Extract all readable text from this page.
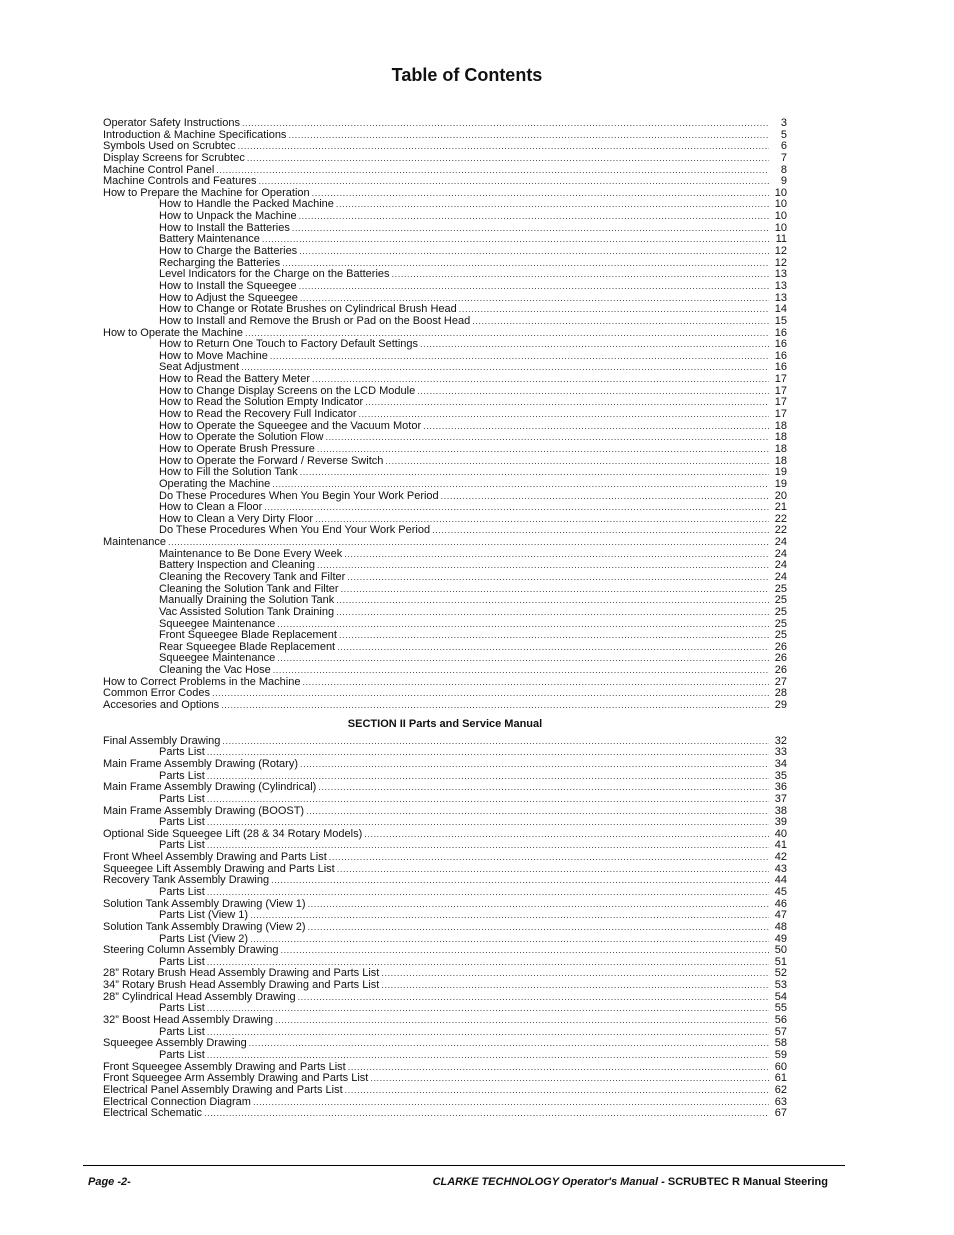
Table of Contents
Operator Safety Instructions .....	3
Introduction & Machine Specifications .....	5
Symbols Used on Scrubtec .....	6
Display Screens for Scrubtec .....	7
Machine Control Panel .....	8
Machine Controls and Features .....	9
How to Prepare the Machine for Operation .....	10
How to Handle the Packed Machine .....	10
How to Unpack the Machine .....	10
How to Install the Batteries .....	10
Battery Maintenance .....	11
How to Charge the Batteries .....	12
Recharging the Batteries .....	12
Level Indicators for the Charge on the Batteries .....	13
How to Install the Squeegee .....	13
How to Adjust the Squeegee .....	13
How to Change or Rotate Brushes on Cylindrical Brush Head .....	14
How to Install and Remove the Brush or Pad on the Boost Head .....	15
How to Operate the Machine .....	16
How to Return One Touch to Factory Default Settings .....	16
How to Move Machine .....	16
Seat Adjustment .....	16
How to Read the Battery Meter .....	17
How to Change Display Screens on the LCD Module .....	17
How to Read the Solution Empty Indicator .....	17
How to Read the Recovery Full Indicator .....	17
How to Operate the Squeegee and the Vacuum Motor .....	18
How to Operate the Solution Flow .....	18
How to Operate Brush Pressure .....	18
How to Operate the Forward / Reverse Switch .....	18
How to Fill the Solution Tank .....	19
Operating the Machine .....	19
Do These Procedures When You Begin Your Work Period .....	20
How to Clean a Floor .....	21
How to Clean a Very Dirty Floor .....	22
Do These Procedures When You End Your Work Period .....	22
Maintenance .....	24
Maintenance to Be Done Every Week .....	24
Battery Inspection and Cleaning .....	24
Cleaning the Recovery Tank and Filter .....	24
Cleaning the Solution Tank and Filter .....	25
Manually Draining the Solution Tank .....	25
Vac Assisted Solution Tank Draining .....	25
Squeegee Maintenance .....	25
Front Squeegee Blade Replacement .....	25
Rear Squeegee Blade Replacement .....	26
Squeegee Maintenance .....	26
Cleaning the Vac Hose .....	26
How to Correct Problems in the Machine .....	27
Common Error Codes .....	28
Accesories and Options .....	29
SECTION II Parts and Service Manual
Final Assembly Drawing .....	32
Parts List .....	33
Main Frame Assembly Drawing (Rotary) .....	34
Parts List .....	35
Main Frame Assembly Drawing (Cylindrical) .....	36
Parts List .....	37
Main Frame Assembly Drawing (BOOST) .....	38
Parts List .....	39
Optional Side Squeegee Lift (28 & 34 Rotary Models) .....	40
Parts List .....	41
Front Wheel Assembly Drawing and Parts List .....	42
Squeegee Lift Assembly Drawing and Parts List .....	43
Recovery Tank Assembly Drawing .....	44
Parts List .....	45
Solution Tank Assembly Drawing (View 1) .....	46
Parts List (View 1) .....	47
Solution Tank Assembly Drawing (View 2) .....	48
Parts List (View 2) .....	49
Steering Column Assembly Drawing .....	50
Parts List .....	51
28” Rotary Brush Head Assembly Drawing and Parts List .....	52
34” Rotary Brush Head Assembly Drawing and Parts List .....	53
28” Cylindrical Head Assembly Drawing .....	54
Parts List .....	55
32” Boost Head Assembly Drawing .....	56
Parts List .....	57
Squeegee Assembly Drawing .....	58
Parts List .....	59
Front Squeegee Assembly Drawing and Parts List .....	60
Front Squeegee Arm Assembly Drawing and Parts List .....	61
Electrical Panel Assembly Drawing and Parts List .....	62
Electrical Connection Diagram .....	63
Electrical Schematic .....	67
Page -2-	CLARKE TECHNOLOGY Operator's Manual - SCRUBTEC R Manual Steering
